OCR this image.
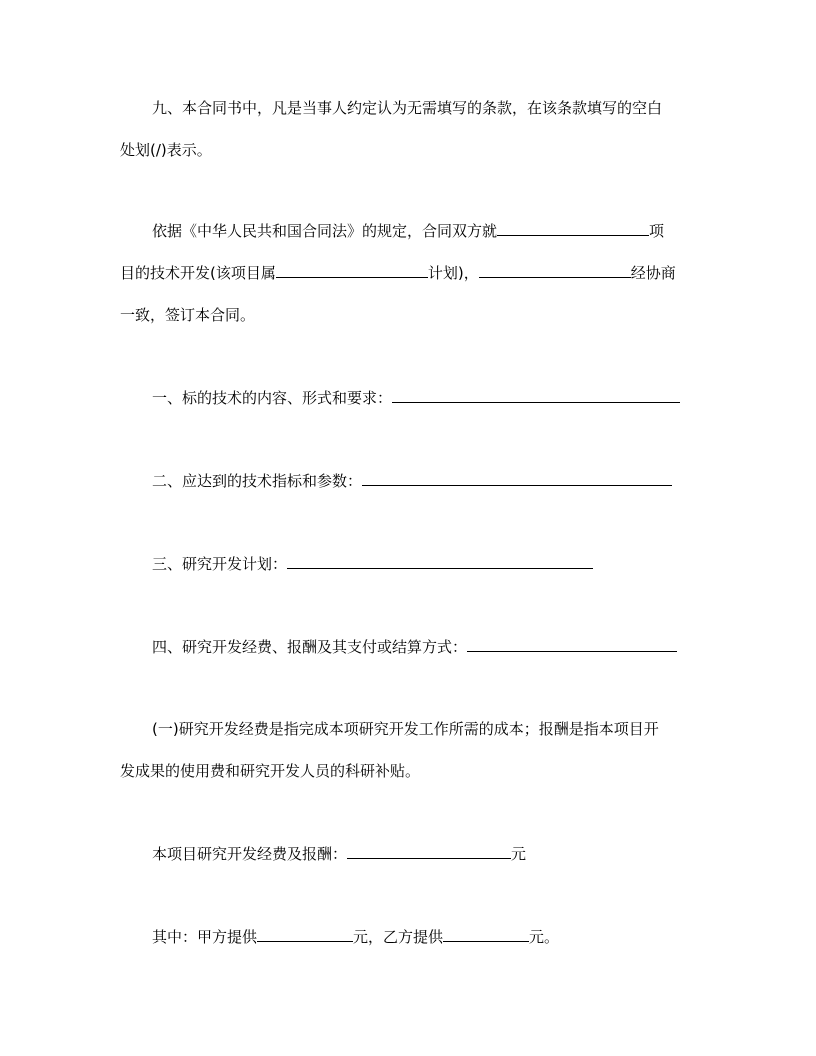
九、本合同书中，凡是当事人约定认为无需填写的条款，在该条款填写的空白
处划(/)表示。
依据《中华人民共和国合同法》的规定，合同双方就	项
目的技术开发(该项目属	计划)，	经协商
一致，签订本合同。
一、标的技术的内容、形式和要求：
二、应达到的技术指标和参数：
三、研究开发计划：
四、研究开发经费、报酬及其支付或结算方式：
(一)研究开发经费是指完成本项研究开发工作所需的成本；报酬是指本项目开
发成果的使用费和研究开发人员的科研补贴。
本项目研究开发经费及报酬：	元
其中：甲方提供	元，乙方提供	元。
